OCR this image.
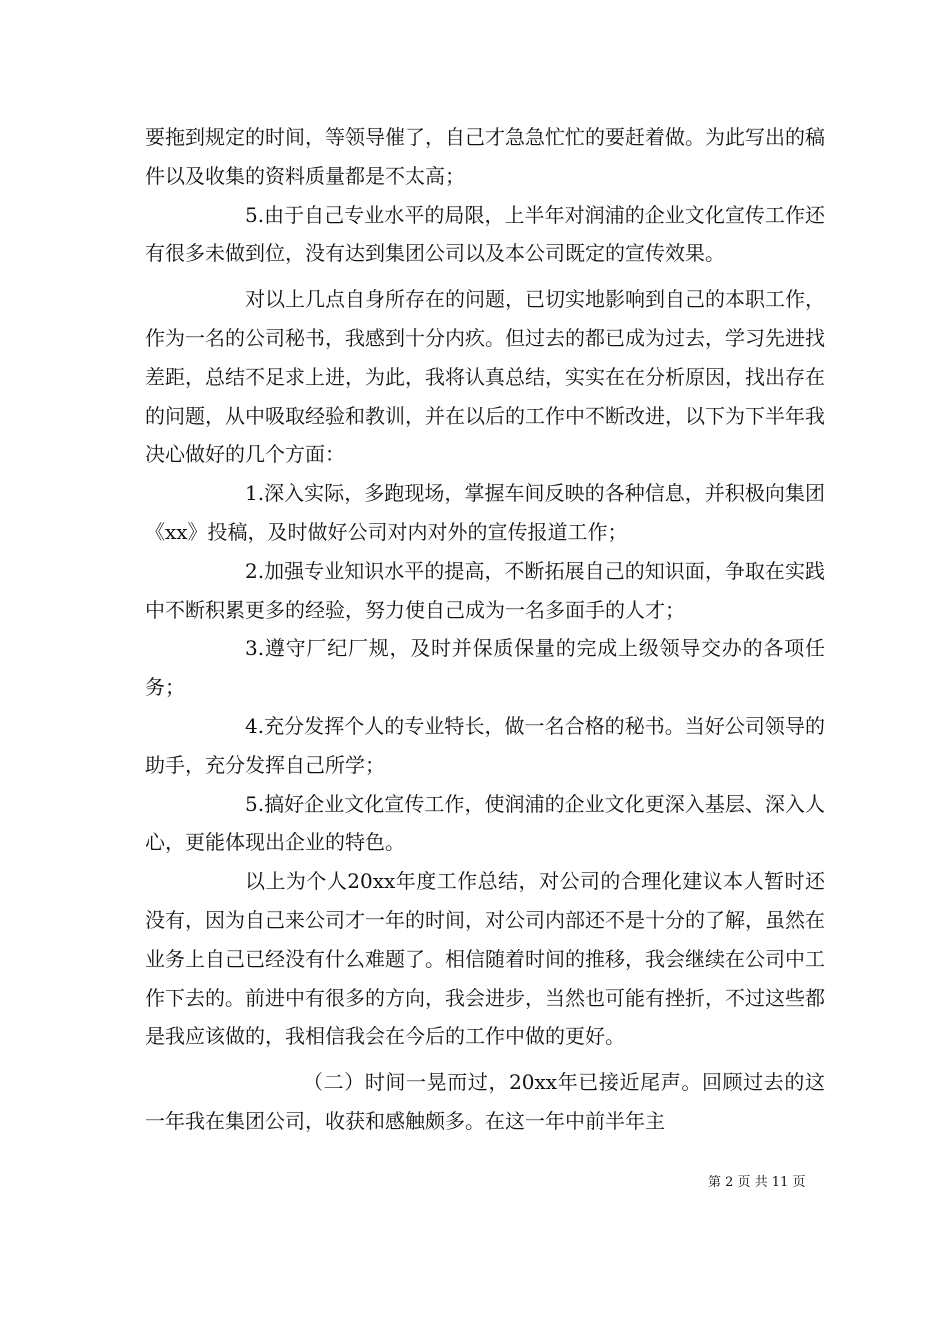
要拖到规定的时间，等领导催了，自己才急急忙忙的要赶着做。为此写出的稿件以及收集的资料质量都是不太高；

5.由于自己专业水平的局限，上半年对润浦的企业文化宣传工作还有很多未做到位，没有达到集团公司以及本公司既定的宣传效果。

对以上几点自身所存在的问题，已切实地影响到自己的本职工作，作为一名的公司秘书，我感到十分内疚。但过去的都已成为过去，学习先进找差距，总结不足求上进，为此，我将认真总结，实实在在分析原因，找出存在的问题，从中吸取经验和教训，并在以后的工作中不断改进，以下为下半年我决心做好的几个方面：

1.深入实际，多跑现场，掌握车间反映的各种信息，并积极向集团《xx》投稿，及时做好公司对内对外的宣传报道工作；

2.加强专业知识水平的提高，不断拓展自己的知识面，争取在实践中不断积累更多的经验，努力使自己成为一名多面手的人才；

3.遵守厂纪厂规，及时并保质保量的完成上级领导交办的各项任务；

4.充分发挥个人的专业特长，做一名合格的秘书。当好公司领导的助手，充分发挥自己所学；

5.搞好企业文化宣传工作，使润浦的企业文化更深入基层、深入人心，更能体现出企业的特色。

以上为个人20xx年度工作总结，对公司的合理化建议本人暂时还没有，因为自己来公司才一年的时间，对公司内部还不是十分的了解，虽然在业务上自己已经没有什么难题了。相信随着时间的推移，我会继续在公司中工作下去的。前进中有很多的方向，我会进步，当然也可能有挫折，不过这些都是我应该做的，我相信我会在今后的工作中做的更好。

（二）时间一晃而过，20xx年已接近尾声。回顾过去的这一年我在集团公司，收获和感触颇多。在这一年中前半年主

第 2 页 共 11 页
